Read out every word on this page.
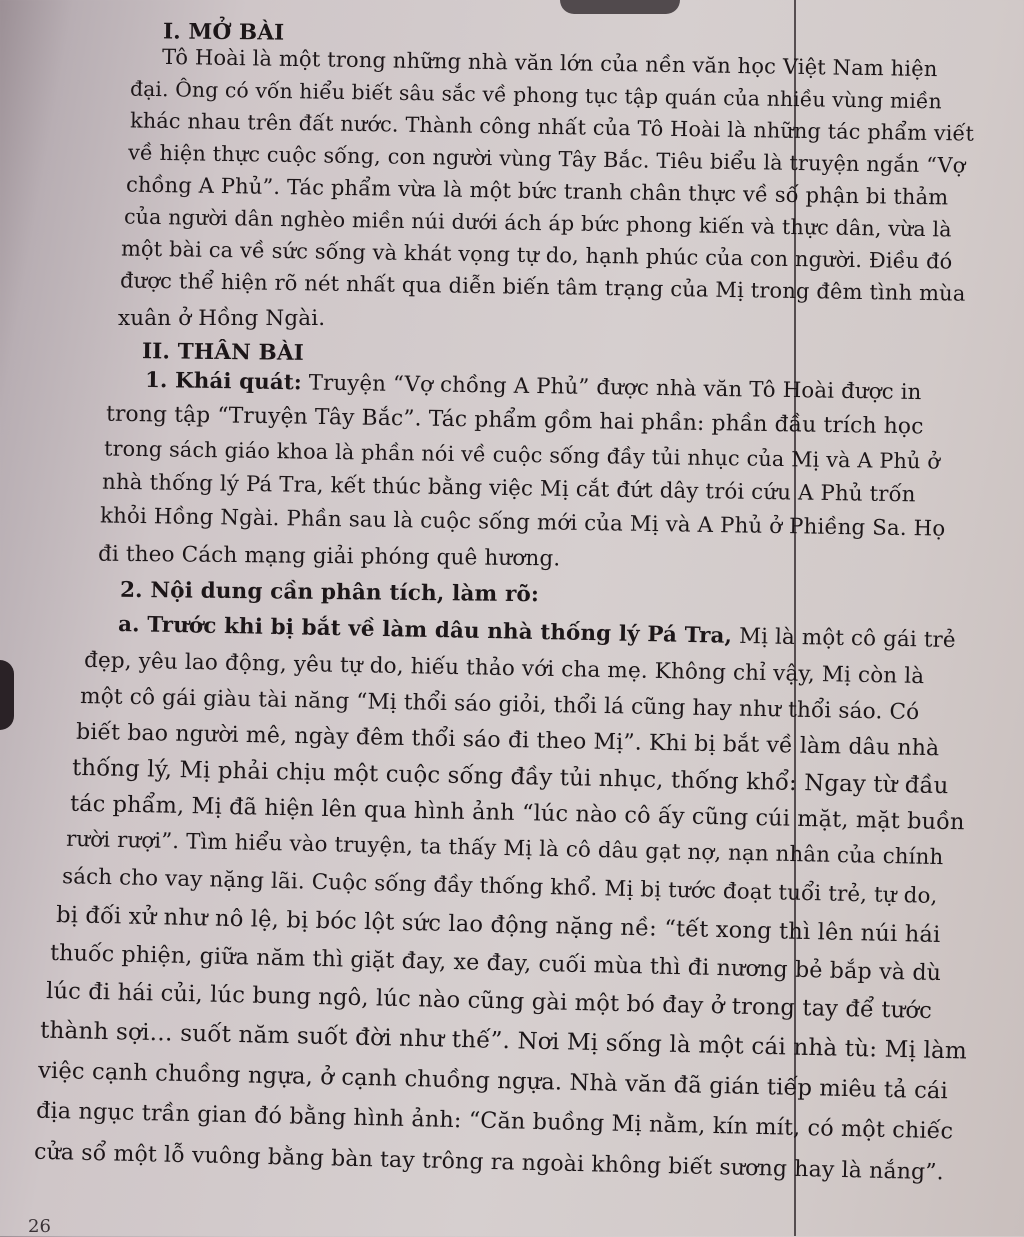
I. MỞ BÀI
Tô Hoài là một trong những nhà văn lớn của nền văn học Việt Nam hiện
đại. Ông có vốn hiểu biết sâu sắc về phong tục tập quán của nhiều vùng miền
khác nhau trên đất nước. Thành công nhất của Tô Hoài là những tác phẩm viết
về hiện thực cuộc sống, con người vùng Tây Bắc. Tiêu biểu là truyện ngắn “Vợ
chồng A Phủ”. Tác phẩm vừa là một bức tranh chân thực về số phận bi thảm
của người dân nghèo miền núi dưới ách áp bức phong kiến và thực dân, vừa là
một bài ca về sức sống và khát vọng tự do, hạnh phúc của con người. Điều đó
được thể hiện rõ nét nhất qua diễn biến tâm trạng của Mị trong đêm tình mùa
xuân ở Hồng Ngài.
II. THÂN BÀI
1. Khái quát: Truyện “Vợ chồng A Phủ” được nhà văn Tô Hoài được in
trong tập “Truyện Tây Bắc”. Tác phẩm gồm hai phần: phần đầu trích học
trong sách giáo khoa là phần nói về cuộc sống đầy tủi nhục của Mị và A Phủ ở
nhà thống lý Pá Tra, kết thúc bằng việc Mị cắt đứt dây trói cứu A Phủ trốn
khỏi Hồng Ngài. Phần sau là cuộc sống mới của Mị và A Phủ ở Phiềng Sa. Họ
đi theo Cách mạng giải phóng quê hương.
2. Nội dung cần phân tích, làm rõ:
a. Trước khi bị bắt về làm dâu nhà thống lý Pá Tra, Mị là một cô gái trẻ
đẹp, yêu lao động, yêu tự do, hiếu thảo với cha mẹ. Không chỉ vậy, Mị còn là
một cô gái giàu tài năng “Mị thổi sáo giỏi, thổi lá cũng hay như thổi sáo. Có
biết bao người mê, ngày đêm thổi sáo đi theo Mị”. Khi bị bắt về làm dâu nhà
thống lý, Mị phải chịu một cuộc sống đầy tủi nhục, thống khổ: Ngay từ đầu
tác phẩm, Mị đã hiện lên qua hình ảnh “lúc nào cô ấy cũng cúi mặt, mặt buồn
rười rượi”. Tìm hiểu vào truyện, ta thấy Mị là cô dâu gạt nợ, nạn nhân của chính
sách cho vay nặng lãi. Cuộc sống đầy thống khổ. Mị bị tước đoạt tuổi trẻ, tự do,
bị đối xử như nô lệ, bị bóc lột sức lao động nặng nề: “tết xong thì lên núi hái
thuốc phiện, giữa năm thì giặt đay, xe đay, cuối mùa thì đi nương bẻ bắp và dù
lúc đi hái củi, lúc bung ngô, lúc nào cũng gài một bó đay ở trong tay để tước
thành sợi… suốt năm suốt đời như thế”. Nơi Mị sống là một cái nhà tù: Mị làm
việc cạnh chuồng ngựa, ở cạnh chuồng ngựa. Nhà văn đã gián tiếp miêu tả cái
địa ngục trần gian đó bằng hình ảnh: “Căn buồng Mị nằm, kín mít, có một chiếc
cửa sổ một lỗ vuông bằng bàn tay trông ra ngoài không biết sương hay là nắng”.
26
